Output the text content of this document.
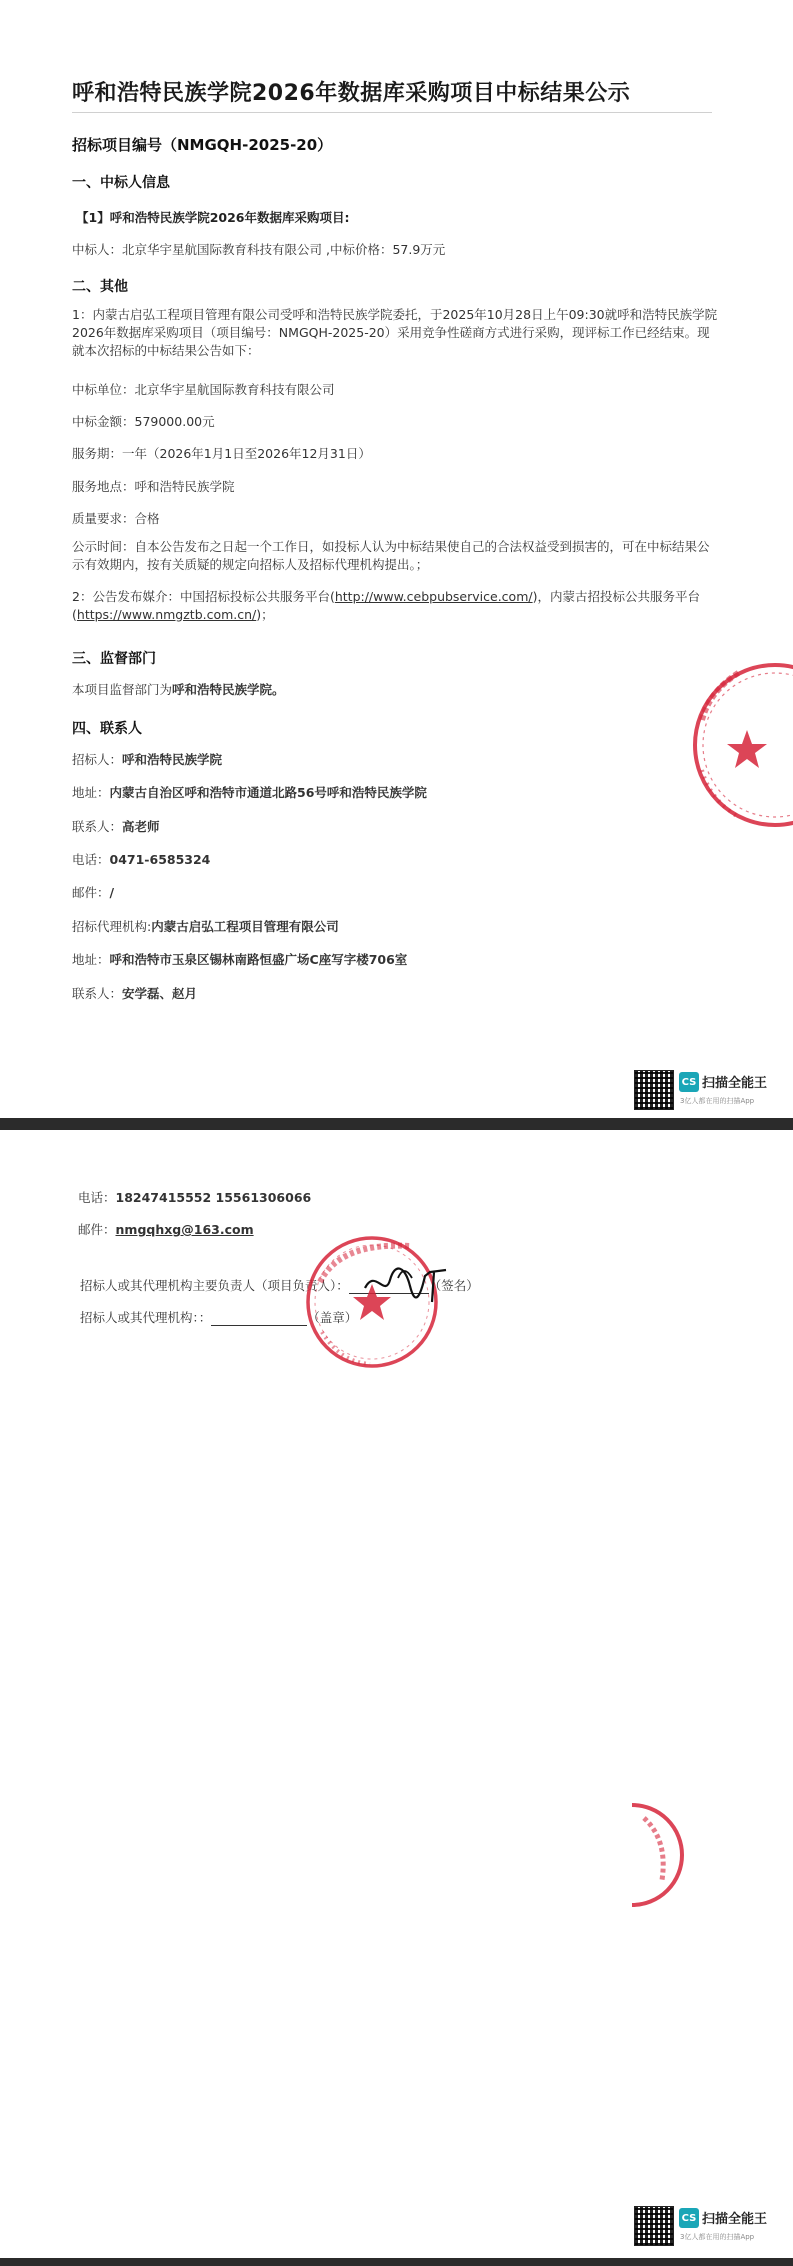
呼和浩特民族学院2026年数据库采购项目中标结果公示
招标项目编号（NMGQH-2025-20）
一、中标人信息
【1】呼和浩特民族学院2026年数据库采购项目:
中标人：北京华宇星航国际教育科技有限公司 ,中标价格：57.9万元
二、其他
1：内蒙古启弘工程项目管理有限公司受呼和浩特民族学院委托，于2025年10月28日上午09:30就呼和浩特民族学院2026年数据库采购项目（项目编号：NMGQH-2025-20）采用竞争性磋商方式进行采购，现评标工作已经结束。现就本次招标的中标结果公告如下：
中标单位：北京华宇星航国际教育科技有限公司
中标金额：579000.00元
服务期：一年（2026年1月1日至2026年12月31日）
服务地点：呼和浩特民族学院
质量要求：合格
公示时间：自本公告发布之日起一个工作日，如投标人认为中标结果使自己的合法权益受到损害的，可在中标结果公示有效期内，按有关质疑的规定向招标人及招标代理机构提出。；
2：公告发布媒介：中国招标投标公共服务平台(http://www.cebpubservice.com/)，内蒙古招投标公共服务平台(https://www.nmgztb.com.cn/)；
三、监督部门
本项目监督部门为呼和浩特民族学院。
四、联系人
招标人：呼和浩特民族学院
地址：内蒙古自治区呼和浩特市通道北路56号呼和浩特民族学院
联系人：高老师
电话：0471-6585324
邮件：/
招标代理机构:内蒙古启弘工程项目管理有限公司
地址：呼和浩特市玉泉区锡林南路恒盛广场C座写字楼706室
联系人：安学磊、赵月
CS 扫描全能王
3亿人都在用的扫描App
电话：18247415552 15561306066
邮件：nmgqhxg@163.com
招标人或其代理机构主要负责人（项目负责人）：	（签名）
招标人或其代理机构：：	（盖章）
CS 扫描全能王
3亿人都在用的扫描App
